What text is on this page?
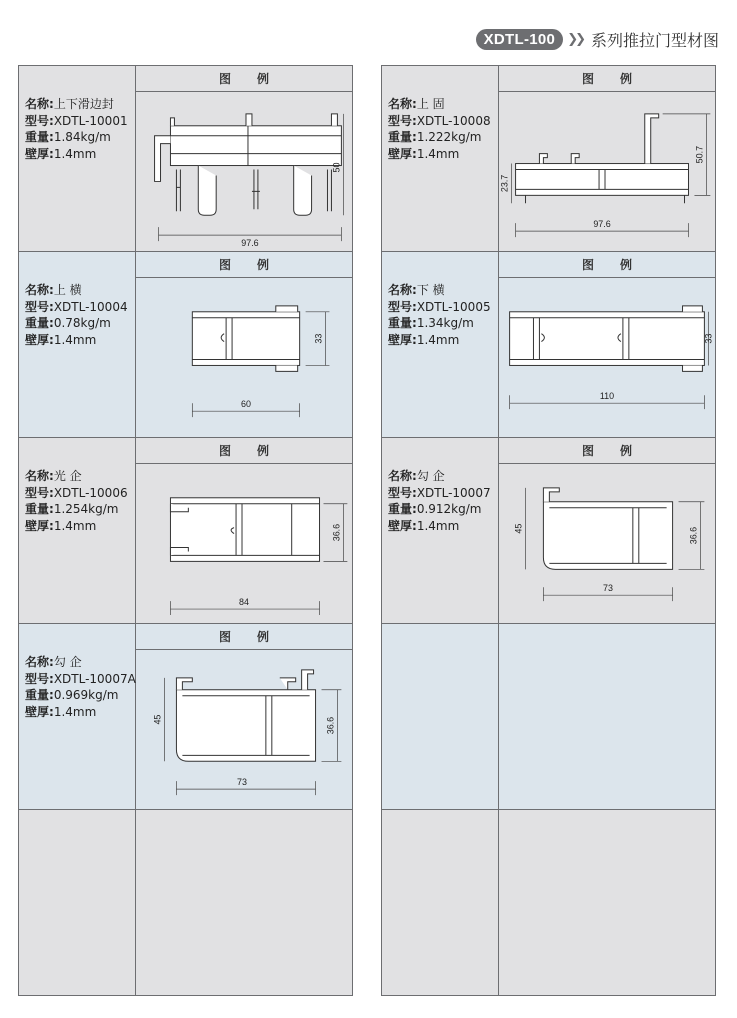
XDTL-100 ❯❯ 系列推拉门型材图
名称:上下滑边封
型号:XDTL-10001
重量:1.84kg/m
壁厚:1.4mm
图 例
97.6
50
名称:上 横
型号:XDTL-10004
重量:0.78kg/m
壁厚:1.4mm
图 例
60
33
名称:光 企
型号:XDTL-10006
重量:1.254kg/m
壁厚:1.4mm
图 例
84
36.6
名称:勾 企
型号:XDTL-10007A
重量:0.969kg/m
壁厚:1.4mm
图 例
73
45	36.6
名称:上 固
型号:XDTL-10008
重量:1.222kg/m
壁厚:1.4mm
图 例
97.6
23.7
50.7
名称:下 横
型号:XDTL-10005
重量:1.34kg/m
壁厚:1.4mm
图 例
110
33
名称:勾 企
型号:XDTL-10007
重量:0.912kg/m
壁厚:1.4mm
图 例
73
45	36.6
